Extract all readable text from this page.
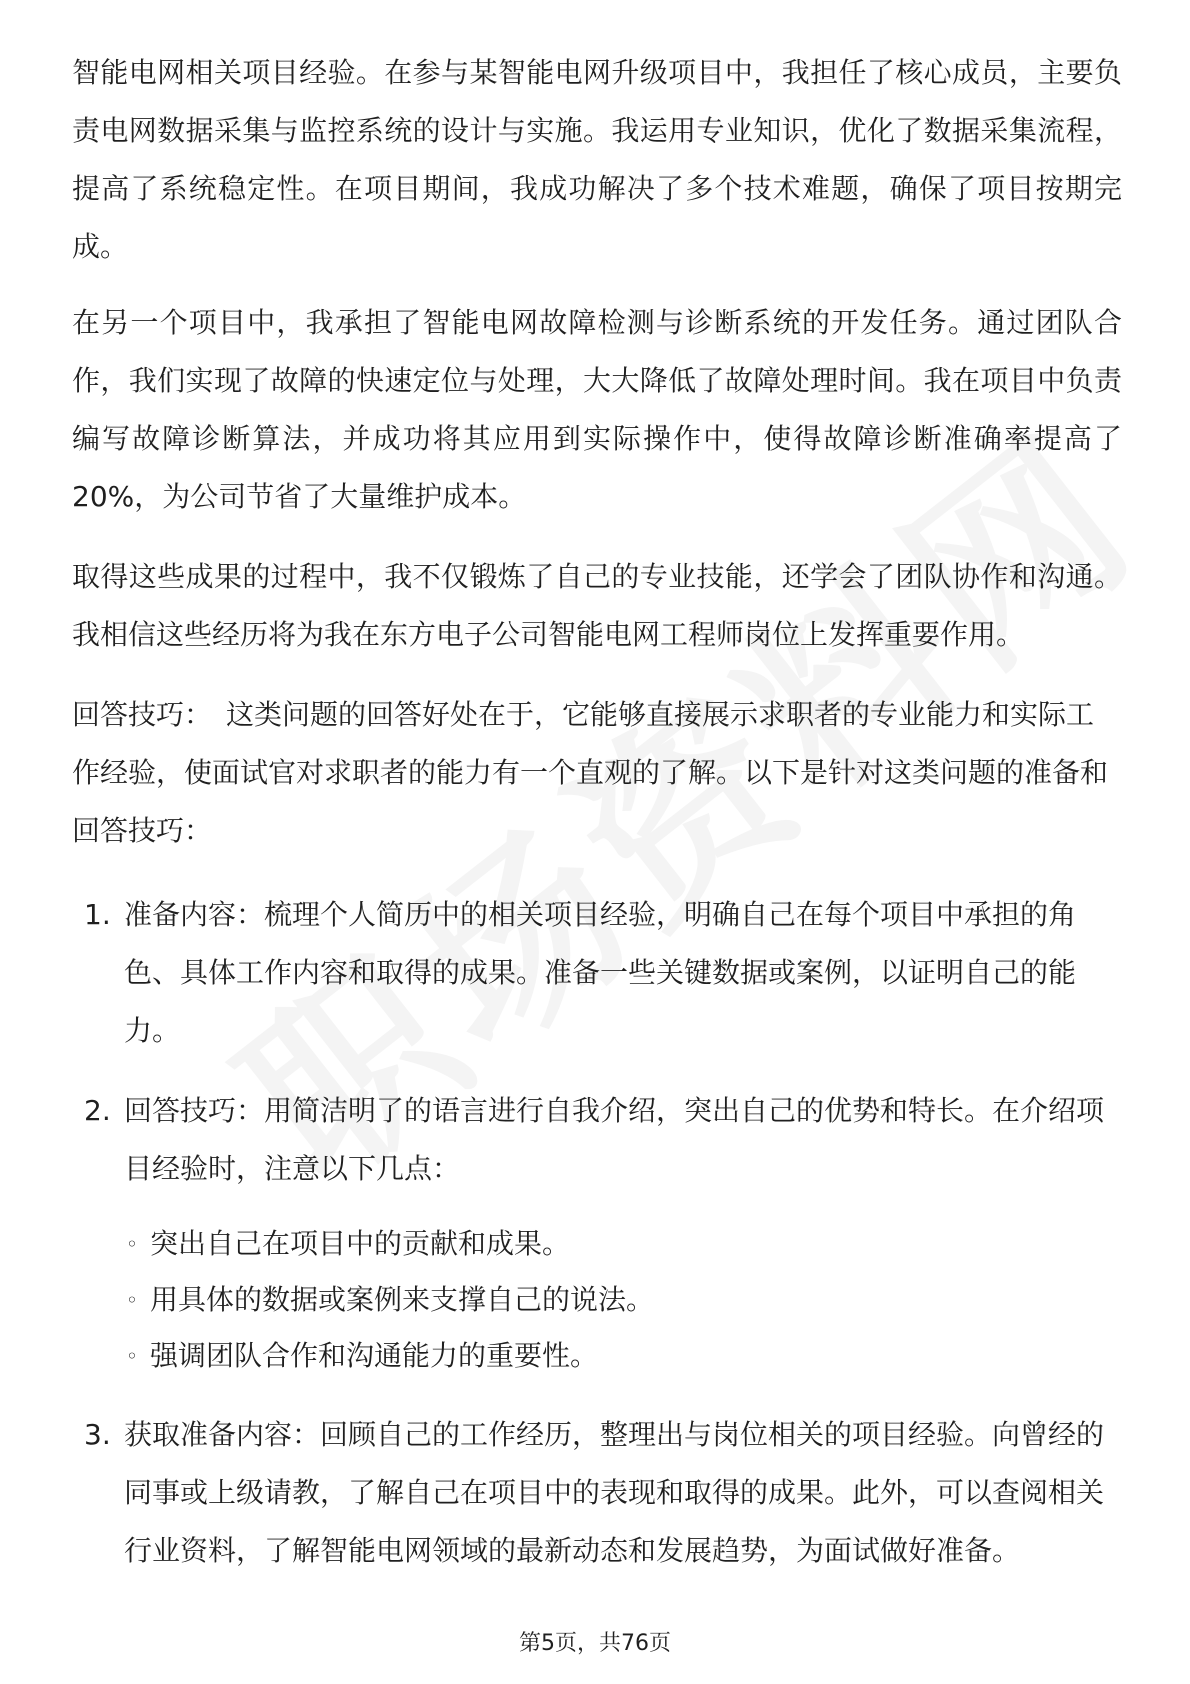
智能电网相关项目经验。在参与某智能电网升级项目中，我担任了核心成员，主要负责电网数据采集与监控系统的设计与实施。我运用专业知识，优化了数据采集流程，提高了系统稳定性。在项目期间，我成功解决了多个技术难题，确保了项目按期完成。

在另一个项目中，我承担了智能电网故障检测与诊断系统的开发任务。通过团队合作，我们实现了故障的快速定位与处理，大大降低了故障处理时间。我在项目中负责编写故障诊断算法，并成功将其应用到实际操作中，使得故障诊断准确率提高了20%，为公司节省了大量维护成本。

取得这些成果的过程中，我不仅锻炼了自己的专业技能，还学会了团队协作和沟通。我相信这些经历将为我在东方电子公司智能电网工程师岗位上发挥重要作用。

回答技巧： 这类问题的回答好处在于，它能够直接展示求职者的专业能力和实际工作经验，使面试官对求职者的能力有一个直观的了解。以下是针对这类问题的准备和回答技巧：

1. 准备内容：梳理个人简历中的相关项目经验，明确自己在每个项目中承担的角色、具体工作内容和取得的成果。准备一些关键数据或案例，以证明自己的能力。
2. 回答技巧：用简洁明了的语言进行自我介绍，突出自己的优势和特长。在介绍项目经验时，注意以下几点：
◦ 突出自己在项目中的贡献和成果。
◦ 用具体的数据或案例来支撑自己的说法。
◦ 强调团队合作和沟通能力的重要性。
3. 获取准备内容：回顾自己的工作经历，整理出与岗位相关的项目经验。向曾经的同事或上级请教，了解自己在项目中的表现和取得的成果。此外，可以查阅相关行业资料，了解智能电网领域的最新动态和发展趋势，为面试做好准备。
第5页，共76页
